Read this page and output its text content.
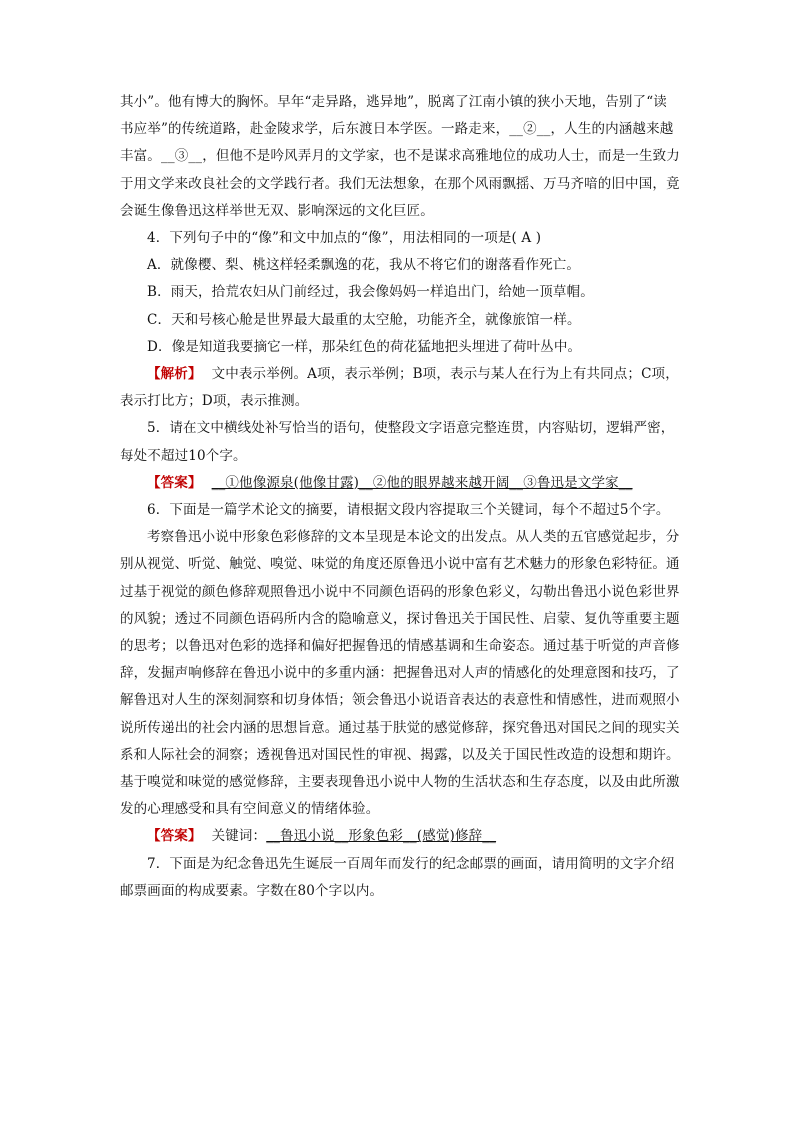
其小”。他有博大的胸怀。早年“走异路，逃异地”，脱离了江南小镇的狭小天地，告别了“读书应举”的传统道路，赴金陵求学，后东渡日本学医。一路走来，__②__，人生的内涵越来越丰富。__③__，但他不是吟风弄月的文学家，也不是谋求高雅地位的成功人士，而是一生致力于用文学来改良社会的文学践行者。我们无法想象，在那个风雨飘摇、万马齐喑的旧中国，竟会诞生像鲁迅这样举世无双、影响深远的文化巨匠。

4．下列句子中的“像”和文中加点的“像”，用法相同的一项是( A )

A．就像樱、梨、桃这样轻柔飘逸的花，我从不将它们的谢落看作死亡。

B．雨天，拾荒农妇从门前经过，我会像妈妈一样追出门，给她一顶草帽。

C．天和号核心舱是世界最大最重的太空舱，功能齐全，就像旅馆一样。

D．像是知道我要摘它一样，那朵红色的荷花猛地把头埋进了荷叶丛中。

【解析】 文中表示举例。A项，表示举例；B项，表示与某人在行为上有共同点；C项，表示打比方；D项，表示推测。

5．请在文中横线处补写恰当的语句，使整段文字语意完整连贯，内容贴切，逻辑严密，每处不超过10个字。

【答案】 __①他像源泉(他像甘露)__②他的眼界越来越开阔__③鲁迅是文学家__

6．下面是一篇学术论文的摘要，请根据文段内容提取三个关键词，每个不超过5个字。

考察鲁迅小说中形象色彩修辞的文本呈现是本论文的出发点。从人类的五官感觉起步，分别从视觉、听觉、触觉、嗅觉、味觉的角度还原鲁迅小说中富有艺术魅力的形象色彩特征。通过基于视觉的颜色修辞观照鲁迅小说中不同颜色语码的形象色彩义，勾勒出鲁迅小说色彩世界的风貌；透过不同颜色语码所内含的隐喻意义，探讨鲁迅关于国民性、启蒙、复仇等重要主题的思考；以鲁迅对色彩的选择和偏好把握鲁迅的情感基调和生命姿态。通过基于听觉的声音修辞，发掘声响修辞在鲁迅小说中的多重内涵：把握鲁迅对人声的情感化的处理意图和技巧，了解鲁迅对人生的深刻洞察和切身体悟；领会鲁迅小说语音表达的表意性和情感性，进而观照小说所传递出的社会内涵的思想旨意。通过基于肤觉的感觉修辞，探究鲁迅对国民之间的现实关系和人际社会的洞察；透视鲁迅对国民性的审视、揭露，以及关于国民性改造的设想和期许。基于嗅觉和味觉的感觉修辞，主要表现鲁迅小说中人物的生活状态和生存态度，以及由此所激发的心理感受和具有空间意义的情绪体验。

【答案】 关键词：__鲁迅小说__形象色彩__(感觉)修辞__

7．下面是为纪念鲁迅先生诞辰一百周年而发行的纪念邮票的画面，请用简明的文字介绍邮票画面的构成要素。字数在80个字以内。
